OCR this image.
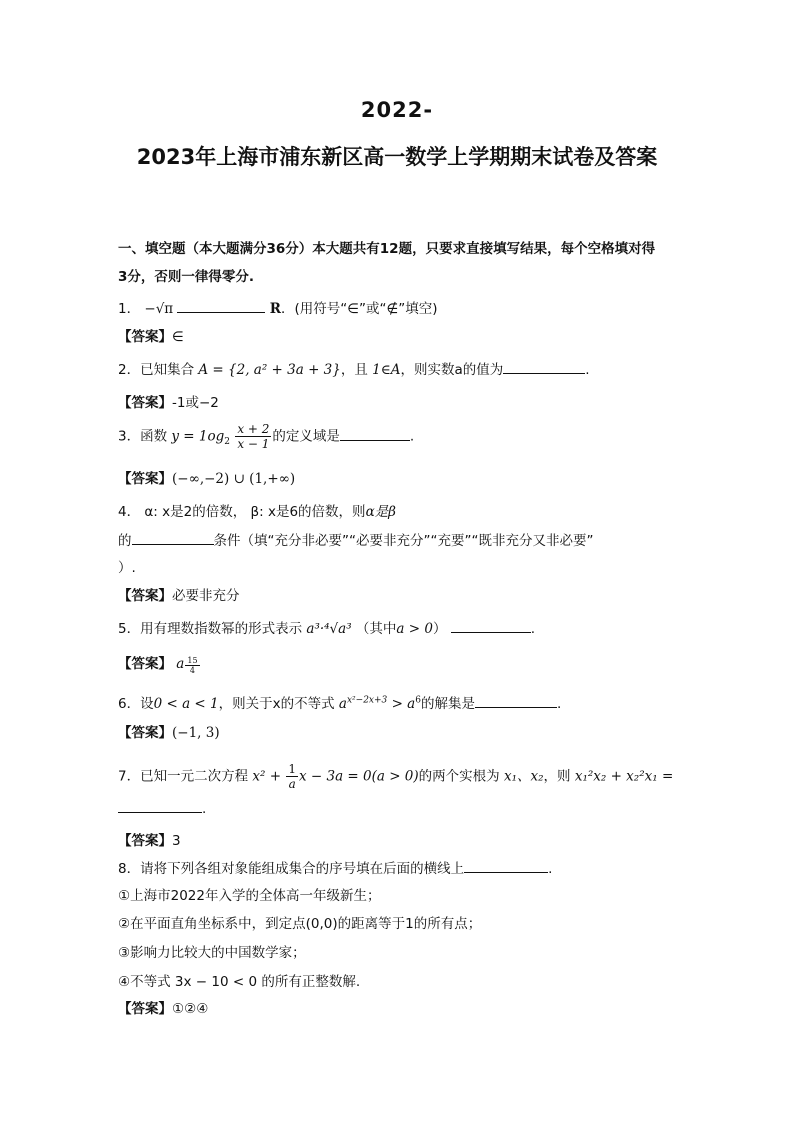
2022-
2023年上海市浦东新区高一数学上学期期末试卷及答案
一、填空题（本大题满分36分）本大题共有12题，只要求直接填写结果，每个空格填对得
3分，否则一律得零分.
1． −√π	R．(用符号“∈”或“∉”填空)
【答案】∈
2．已知集合 A = {2, a² + 3a + 3}，且 1∈A，则实数a的值为	.
【答案】-1或−2
3．函数 $y = 1og_2 \frac{x + 2}{x - 1}$ 的定义域是	.
【答案】(−∞,−2) ∪ (1,+∞)
4． α: x是2的倍数， β: x是6的倍数，则α是β
的	条件（填“充分非必要”“必要非充分”“充要”“既非充分又非必要”
）.
【答案】必要非充分
5．用有理数指数幂的形式表示 a³·⁴√a³ （其中a > 0）	.
【答案】 a $\frac{15}{4}$
6．设0 < a < 1，则关于x的不等式 $a^{x^2-2x+3} > a^6$的解集是	.
【答案】(−1, 3)
7．已知一元二次方程 $x^2 + \frac{1}{a}$ x − 3a = 0(a > 0)的两个实根为 x₁、x₂，则 x₁²x₂ + x₂²x₁ =
.
【答案】3
8．请将下列各组对象能组成集合的序号填在后面的横线上	.
①上海市2022年入学的全体高一年级新生；
②在平面直角坐标系中，到定点(0,0)的距离等于1的所有点；
③影响力比较大的中国数学家；
④不等式 3x − 10 < 0 的所有正整数解.
【答案】①②④
